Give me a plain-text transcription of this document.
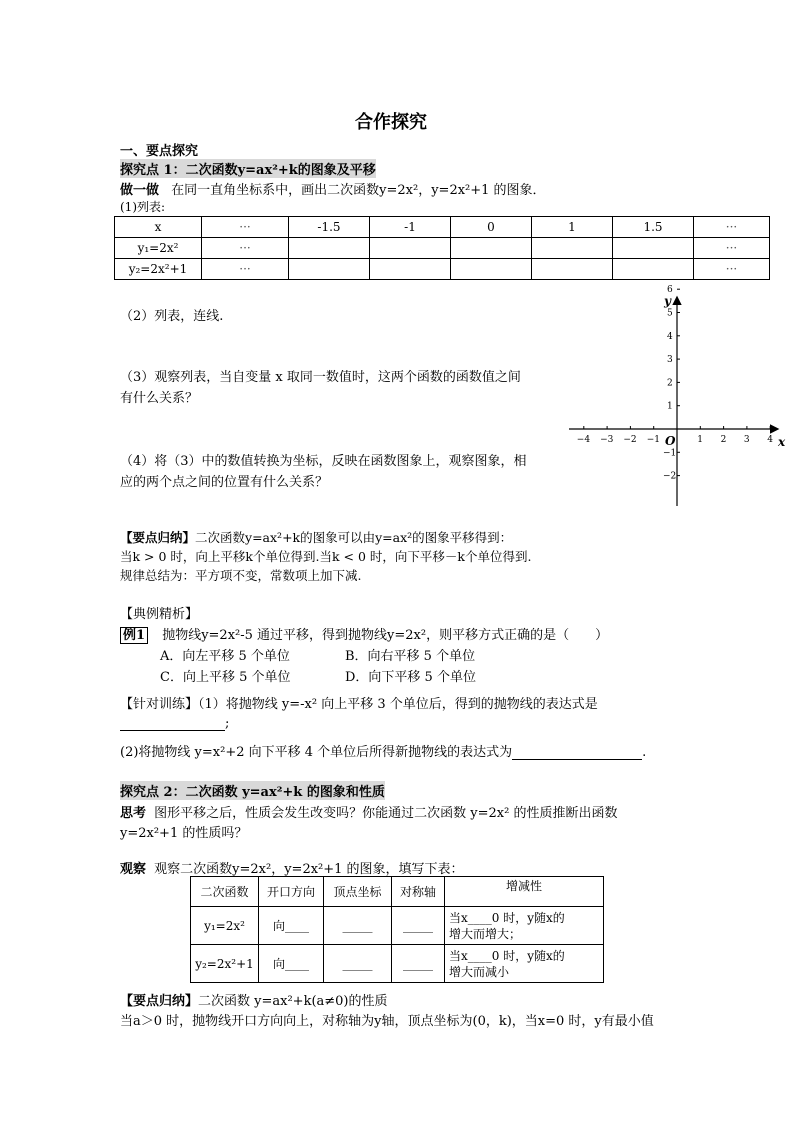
合作探究
一、要点探究
探究点 1：二次函数y=ax²+k的图象及平移
做一做 在同一直角坐标系中，画出二次函数y=2x²，y=2x²+1 的图象．
(1)列表:
x	···	-1.5	-1	0	1	1.5	···
y₁=2x²	···						···
y₂=2x²+1	···						···
（2）列表，连线.
（3）观察列表，当自变量 x 取同一数值时，这两个函数的函数值之间
有什么关系？
（4）将（3）中的数值转换为坐标，反映在函数图象上，观察图象，相
应的两个点之间的位置有什么关系？
−4 −3 −2 −1	1 2 3 4
6
5
4
3
2
1
−1
−2
x
y
O
【要点归纳】二次函数y=ax²+k的图象可以由y=ax²的图象平移得到：
当k > 0 时，向上平移k个单位得到.当k < 0 时，向下平移－k个单位得到.
规律总结为：平方项不变，常数项上加下减.
【典例精析】
例1 抛物线y=2x²-5 通过平移，得到抛物线y=2x²，则平移方式正确的是（　　）
A．向左平移 5 个单位	B．向右平移 5 个单位
C．向上平移 5 个单位	D．向下平移 5 个单位
【针对训练】（1）将抛物线 y=-x² 向上平移 3 个单位后，得到的抛物线的表达式是
;
(2)将抛物线 y=x²+2 向下平移 4 个单位后所得新抛物线的表达式为	.
探究点 2：二次函数 y=ax²+k 的图象和性质
思考 图形平移之后，性质会发生改变吗？你能通过二次函数 y=2x² 的性质推断出函数
y=2x²+1 的性质吗？
观察 观察二次函数y=2x²，y=2x²+1 的图象，填写下表：
二次函数	开口方向	顶点坐标	对称轴	增减性
y₁=2x²	向____	_____	_____	当x____0 时，y随x的
增大而增大；

y₂=2x²+1	向____	_____	_____	当x____0 时，y随x的
增大而减小
【要点归纳】二次函数 y=ax²+k(a≠0)的性质
当a＞0 时，抛物线开口方向向上，对称轴为y轴，顶点坐标为(0，k)，当x=0 时，y有最小值
